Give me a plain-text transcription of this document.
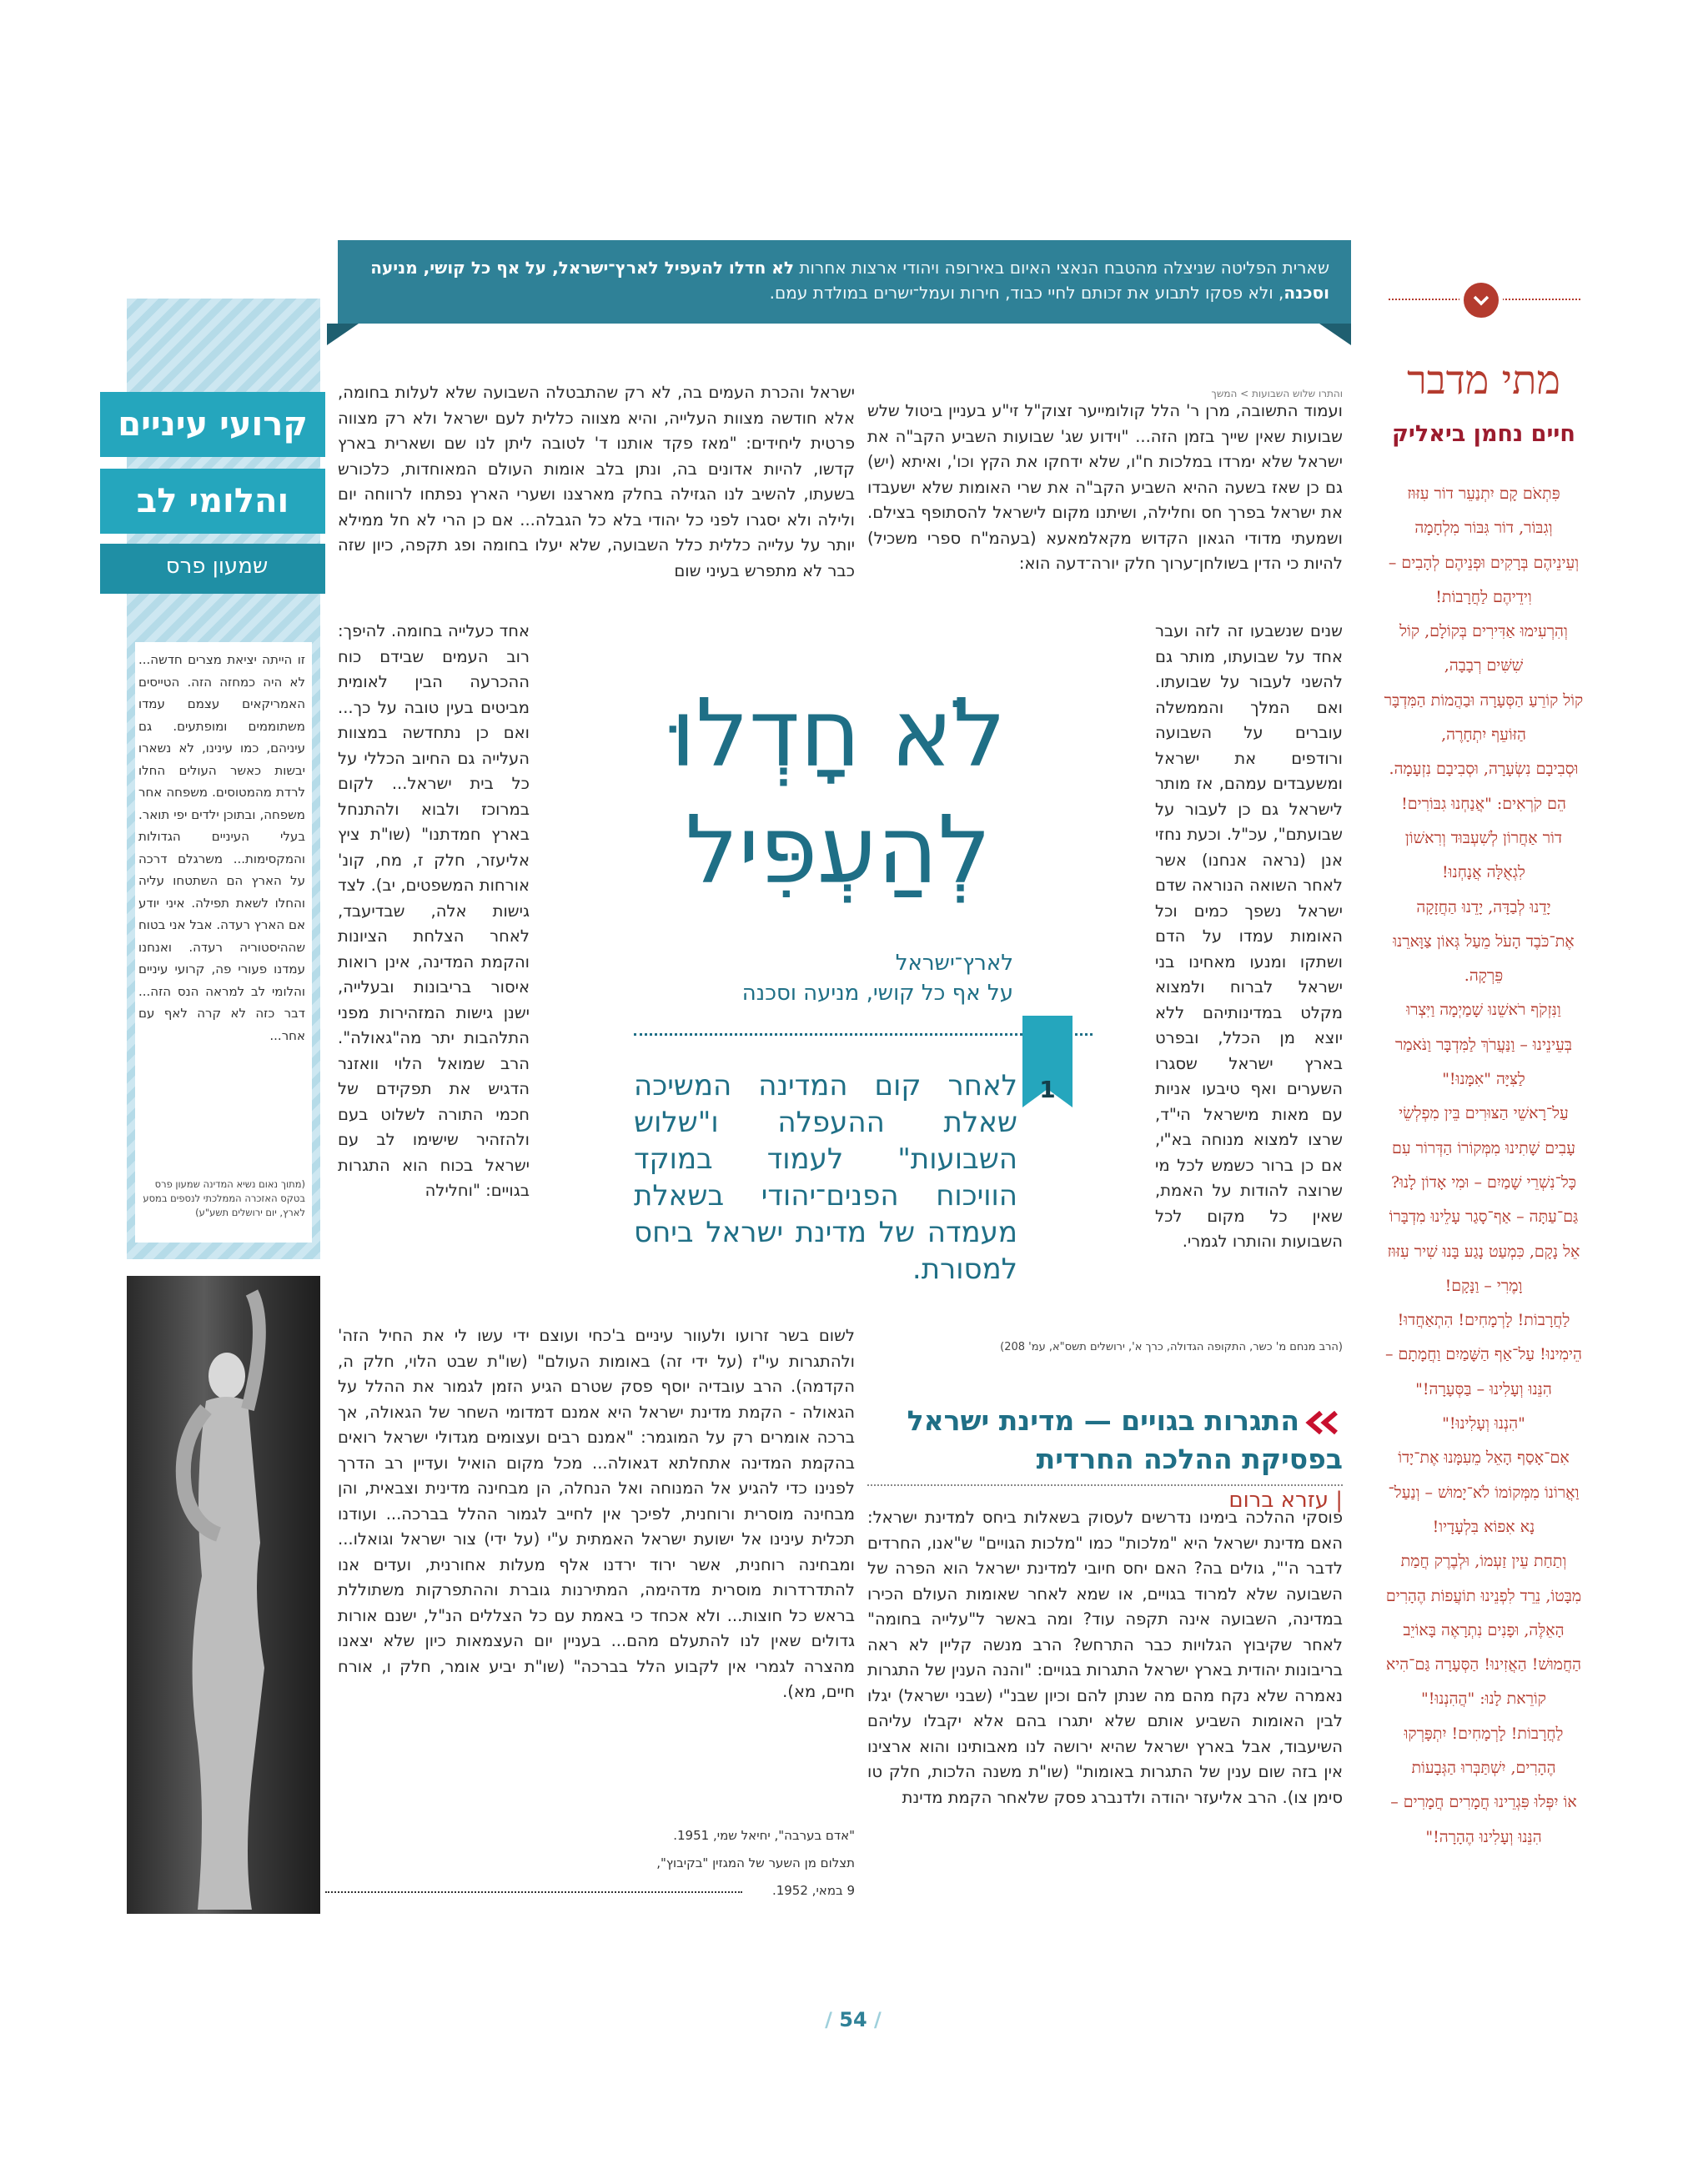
שארית הפליטה שניצלה מהטבח הנאצי האיום באירופה ויהודי ארצות אחרות לא חדלו להעפיל לארץ־ישראל, על אף כל קושי, מניעה וסכנה, ולא פסקו לתבוע את זכותם לחיי כבוד, חירות ועמל־ישרים במולדת עמם.
מתי מדבר
חיים נחמן ביאליק
פִּתְאֹם קָם יִתְנַעֵר דוֹר עִזּוּז
וְגִבּוֹר, דוֹר גִּבּוֹר מִלְחָמָה
וְעֵינֵיהֶם בְּרָקִים וּפְנֵיהֶם לְהָבִים –
וִידֵיהֶם לַחֲרָבוֹת!
וְהִרְעִימוּ אַדִּירִים בְּקוֹלָם, קוֹל
שִׁשִּׁים רְבָבָה,
קוֹל קוֹרֵעַ הַסְּעָרָה וּבַהֲמוֹת הַמִּדְבָּר
הַזּוֹעֵף יִתְחָרֶה,
וּסְבִיבָם נִשְׂעָרָה, וּסְבִיבָם נִזְעָמָה.
הֵם קֹרְאִים: "אֲנַחְנוּ גִבּוֹרִים!
דוֹר אַחֲרוֹן לְשִׁעְבּוּד וְרִאשׁוֹן
לִגְאֻלָּה אֲנָחְנוּ!
יָדֵנוּ לְבַדָּה, יָדֵנוּ הַחֲזָקָה
אֶת־כֹּבֶד הָעֹל מֵעַל גְּאוֹן צַוָּארֵנוּ
פֵּרְקָה.
וַנִּזְקֹף רֹאשֵׁנוּ שָׁמַיְמָה וַיִּצְרוּ
בְּעֵינֵינוּ – וַנַּעֲרֹךְ לַמִּדְבָּר וַנֹּאמַר
לַצִּיָּה "אִמָּנוּ!"
עַל־רָאשֵׁי הַצּוּרִים בֵּין מִפְלְשֵׂי
עָבִים שָׁתִינוּ מִמְּקוֹרוֹ הַדְּרוֹר עִם
כָּל־נִשְׁרֵי שָׁמַיִם – וּמִי אָדוֹן לָנוּ?
גַּם־עַתָּה – אַף־סָגַר עָלֵינוּ מִדְבָּרוֹ
אֵל נָקָם, כִּמְעַט נָגַע בָּנוּ שִׁיר עִזּוּז
וָמֶרִי – וַנָּקָם!
לַחֲרָבוֹת! לָרְמָחִים! הִתְאַחֲדוּ!
הֵימִינוּ! עַל־אַף הַשָּׁמַיִם וַחֲמָתָם –
הִנֵּנוּ וְעָלִינוּ – בַּסְּעָרָה!"
"הִנְנוּ וְעָלִינוּ!"
אִם־אָסַף הָאֵל מֵעִמָּנוּ אֶת־יָדוֹ
וַאֲרוֹנוֹ מִמְּקוֹמוֹ לֹא־יָמוּשׁ – וְנַעַל־
נָא אִפוֹא בִּלְעָדָיו!
וְתַחַת עֵין זַעְמוֹ, וּלְבֶרֶק חֲמַת
מִבָּטוֹ, נֵרֵד לִפְנֵינוּ תוֹעֲפוֹת הֶהָרִים
הָאֵלֶּה, וּפָנִים נִתְרָאֶה בָּאוֹיֵב
הַחֲמוּשׁ! הַאֲזִינוּ! הַסְּעָרָה גַּם־הִיא
קוֹרֵאת לָנוּ: "הֲהִנְנוּ!"
לַחֲרָבוֹת! לָרְמָחִים! יִתְפָּרְקוּ
הֶהָרִים, יִשְׁתַּבְּרוּ הַגְּבָעוֹת
אוֹ יִפְּלוּ פִּגְרֵינוּ חֲמָרִים חֲמָרִים –
הִנֵּנוּ וְעָלִינוּ הֶהָרָה!"
קרועי עיניים
והלומי לב
שמעון פרס
זו הייתה יציאת מצרים חדשה... לא היה כמחזה הזה. הטייסים האמריקאים עצמם עמדו משתוממים ומופתעים. גם עיניהם, כמו עינינו, לא נשארו יבשות כאשר העולים החלו לרדת מהמטוסים. משפחה אחר משפחה, ובתוכן ילדים יפי תואר. בעלי העיניים הגדולות והמקסימות... משרגלם דרכה על הארץ הם השתטחו עליה והחלו לשאת תפילה. איני יודע אם הארץ רעדה. אבל אני בטוח שההיסטוריה רעדה. ואנחנו עמדנו פעורי פה, קרועי עיניים והלומי לב למראה הנס הזה... דבר כזה לא קרה לאף עם אחר...
(מתוך נאום נשיא המדינה שמעון פרס בטקס האזכרה הממלכתי לנספים במסע לארץ, יום ירושלים תשע"ע)
והתרו שלוש השבועות > המשך
ועמוד התשובה, מרן ר' הלל קולומייער זצוק"ל זי"ע בעניין ביטול שלש שבועות שאין שייך בזמן הזה... "וידוע שג' שבועות השביע הקב"ה את ישראל שלא ימרדו במלכות ח"ו, שלא ידחקו את הקץ וכו', ואיתא (יש) גם כן שאז בשעה ההיא השביע הקב"ה את שרי האומות שלא ישעבדו את ישראל בפרך חס וחלילה, ושיתנו מקום לישראל להסתופף בצילם. ושמעתי מדודי הגאון הקדוש מקאלמאעא (בעהמ"ח ספרי משכיל) להיות כי הדין בשולחן־ערוך חלק יורה־דעה הוא:
ישראל והכרת העמים בה, לא רק שהתבטלה השבועה שלא לעלות בחומה, אלא חודשה מצוות העלייה, והיא מצווה כללית לעם ישראל ולא רק מצווה פרטית ליחידים: "מאז פקד אותנו ד' לטובה ליתן לנו שם ושארית בארץ קדשו, להיות אדונים בה, ונתן בלב אומות העולם המאוחדות, כלכורש בשעתו, להשיב לנו הגזילה בחלק מארצנו ושערי הארץ נפתחו לרווחה יום ולילה ולא יסגרו לפני כל יהודי בלא כל הגבלה... אם כן הרי לא חל ממילא יותר על עלייה כללית כלל השבועה, שלא יעלו בחומה ופג תקפה, כיון שזה כבר לא מתפרש בעיני שום
שנים שנשבעו זה לזה ועבר אחד על שבועתו, מותר גם להשני לעבור על שבועתו. ואם המלך והממשלה עוברים על השבועה ורודפים את ישראל ומשעבדים עמהם, אז מותר לישראל גם כן לעבור על שבועתם", עכ"ל. וכעת נחזי אנן (נראה אנחנו) אשר לאחר השואה הנוראה שדם ישראל נשפך כמים וכל האומות עמדו על הדם ושתקו ומנעו מאחינו בני ישראל לברוח ולמצוא מקלט במדינותיהם ללא יוצא מן הכלל, ובפרט בארץ ישראל שסגרו השערים ואף טיבעו אניות עם מאות מישראל הי"ד, שרצו למצוא מנוחה בא"י, אם כן ברור כשמש לכל מי שרוצה להודות על האמת, שאין כל מקום לכל השבועות והותרו לגמרי.
אחד כעלייה בחומה. להיפך: רוב העמים שבידם כוח ההכרעה הבין לאומית מביטים בעין טובה על כך... ואם כן נתחדשה במצוות העלייה גם החיוב הכללי על כל בית ישראל... לקום במרוכז ולבוא ולהתנחל בארץ חמדתנו" (שו"ת ציץ אליעזר, חלק ז, מח, קונ' אורחות המשפטים, יב). לצד גישות אלה, שבדיעבד, לאחר הצלחת הציונות והקמת המדינה, אינן רואות איסור בריבונות ובעלייה, ישנן גישות המזהירות מפני התלהבות יתר מה"גאולה". הרב שמואל הלוי וואזנר הדגיש את תפקידם של חכמי התורה לשלוט בעם ולהזהיר שישימו לב עם ישראל בכוח הוא התגרות בגויים: "וחלילה
(הרב מנחם מ' כשר, התקופה הגדולה, כרך א', ירושלים תשס"א, עמ' 208)
לֹא חָדְלוּ
לְהַעְפִּיל
לארץ־ישראל
על אף כל קושי, מניעה וסכנה
1
לאחר קום המדינה המשיכה שאלת ההעפלה ו"שלוש השבועות" לעמוד במוקד הוויכוח הפנים־יהודי בשאלת מעמדה של מדינת ישראל ביחס למסורת.
לשום בשר זרועו ולעוור עיניים ב'כחי ועוצם ידי עשו לי את החיל הזה' ולהתגרות עי"ז (על ידי זה) באומות העולם" (שו"ת שבט הלוי, חלק ה, הקדמה). הרב עובדיה יוסף פסק שטרם הגיע הזמן לגמור את ההלל על הגאולה - הקמת מדינת ישראל היא אמנם דמדומי השחר של הגאולה, אך ברכה אומרים רק על המוגמר: "אמנם רבים ועצומים מגדולי ישראל רואים בהקמת המדינה אתחלתא דגאולה... מכל מקום הואיל ועדיין רב הדרך לפנינו כדי להגיע אל המנוחה ואל הנחלה, הן מבחינה מדינית וצבאית, והן מבחינה מוסרית ורוחנית, לפיכך אין לחייב לגמור ההלל בברכה... ועודנו תכלית עינינו אל ישועת ישראל האמתית ע"י (על ידי) צור ישראל וגואלו... ומבחינה רוחנית, אשר ירוד ירדנו אלף מעלות אחורנית, ועדים אנו להתדרדרות מוסרית מדהימה, המתירנות גוברת וההתפרקות משתוללת בראש כל חוצות... ולא אכחד כי באמת עם כל הצללים הנ"ל, ישנם אורות גדולים שאין לנו להתעלם מהם... בעניין יום העצמאות כיון שלא יצאנו מהצרה לגמרי אין לקבוע הלל בברכה" (שו"ת יביע אומר, חלק ו, אורח חיים, מא).
התגרות בגויים — מדינת ישראל
בפסיקת ההלכה החרדית
| עזרא ברום
פוסקי ההלכה בימינו נדרשים לעסוק בשאלות ביחס למדינת ישראל: האם מדינת ישראל היא "מלכות" כמו "מלכות הגויים" ש"אנו, החרדים לדבר ה'", גולים בה? האם יחס חיובי למדינת ישראל הוא הפרה של השבועה שלא למרוד בגויים, או שמא לאחר שאומות העולם הכירו במדינה, השבועה אינה תקפה עוד? ומה באשר ל"עלייה בחומה" לאחר שקיבוץ הגלויות כבר התרחש? הרב מנשה קליין לא ראה בריבונות יהודית בארץ ישראל התגרות בגויים: "והנה הענין של התגרות נאמרה שלא נקח מהם מה שנתן להם וכיון שבנ"י (שבני ישראל) יגלו לבין האומות השביע אותם שלא יתגרו בהם אלא יקבלו עליהם השיעבוד, אבל בארץ ישראל שהיא ירושה לנו מאבותינו והוא ארצינו אין בזה שום ענין של התגרות באומות" (שו"ת משנה הלכות, חלק טו סימן צו). הרב אליעזר יהודה ולדנברג פסק שלאחר הקמת מדינת
"אדם בערבה", יחיאל שמי, 1951.
תצלום מן השער של המגזין "בקיבוץ",
9 במאי, 1952.
/ 54 /
